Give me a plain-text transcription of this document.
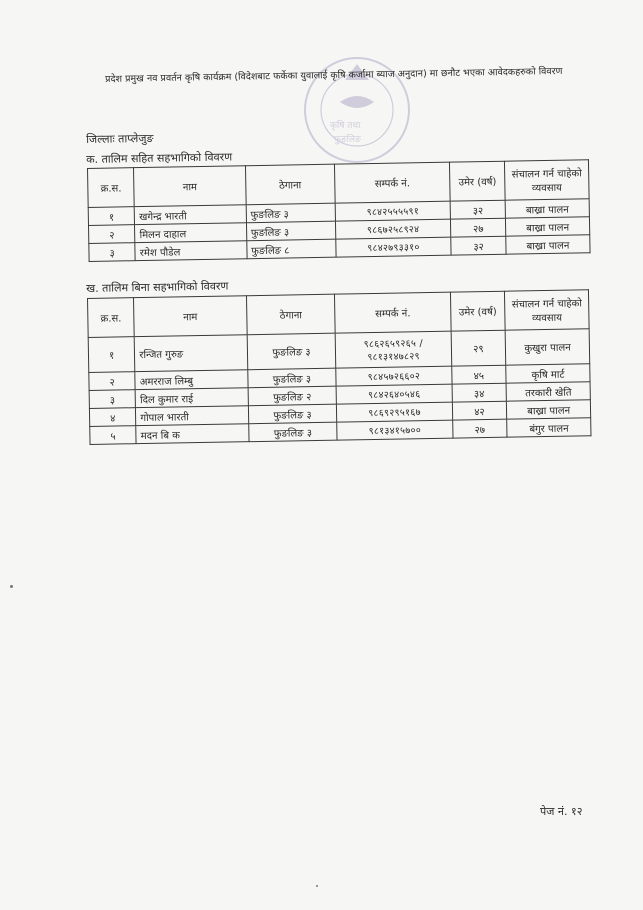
कृषि तथा
फुङलिङ
प्रदेश प्रमुख नव प्रवर्तन कृषि कार्यक्रम (विदेशबाट फर्केका युवालाई कृषि कर्जामा ब्याज अनुदान) मा छनौट भएका आवेदकहरुको विवरण
जिल्लाः ताप्लेजुङ
क. तालिम सहित सहभागिको विवरण
क्र.स.	नाम	ठेगाना	सम्पर्क नं.	उमेर (वर्ष)	संचालन गर्न चाहेको व्यवसाय
१	खगेन्द्र भारती	फुङलिङ ३	९८४२५५५५९१	३२	बाख्रा पालन
२	मिलन दाहाल	फुङलिङ ३	९८६७२५८९२४	२७	बाख्रा पालन
३	रमेश पौडेल	फुङलिङ ८	९८४२७९३३१०	३२	बाख्रा पालन
ख. तालिम बिना सहभागिको विवरण
क्र.स.	नाम	ठेगाना	सम्पर्क नं.	उमेर (वर्ष)	संचालन गर्न चाहेको व्यवसाय
१	रन्जित गुरुङ	फुङलिङ ३	९८६२६५९२६५ /
९८१३१४७८२९	२९	कुखुरा पालन
२	अमरराज लिम्बु	फुङलिङ ३	९८४५७२६६०२	४५	कृषि मार्ट
३	दिल कुमार राई	फुङलिङ २	९८४२६४०५४६	३४	तरकारी खेति
४	गोपाल भारती	फुङलिङ ३	९८६९२९५१६७	४२	बाख्रा पालन
५	मदन बि क	फुङलिङ ३	९८१३४१५७००	२७	बंगुर पालन
पेज नं. १२
